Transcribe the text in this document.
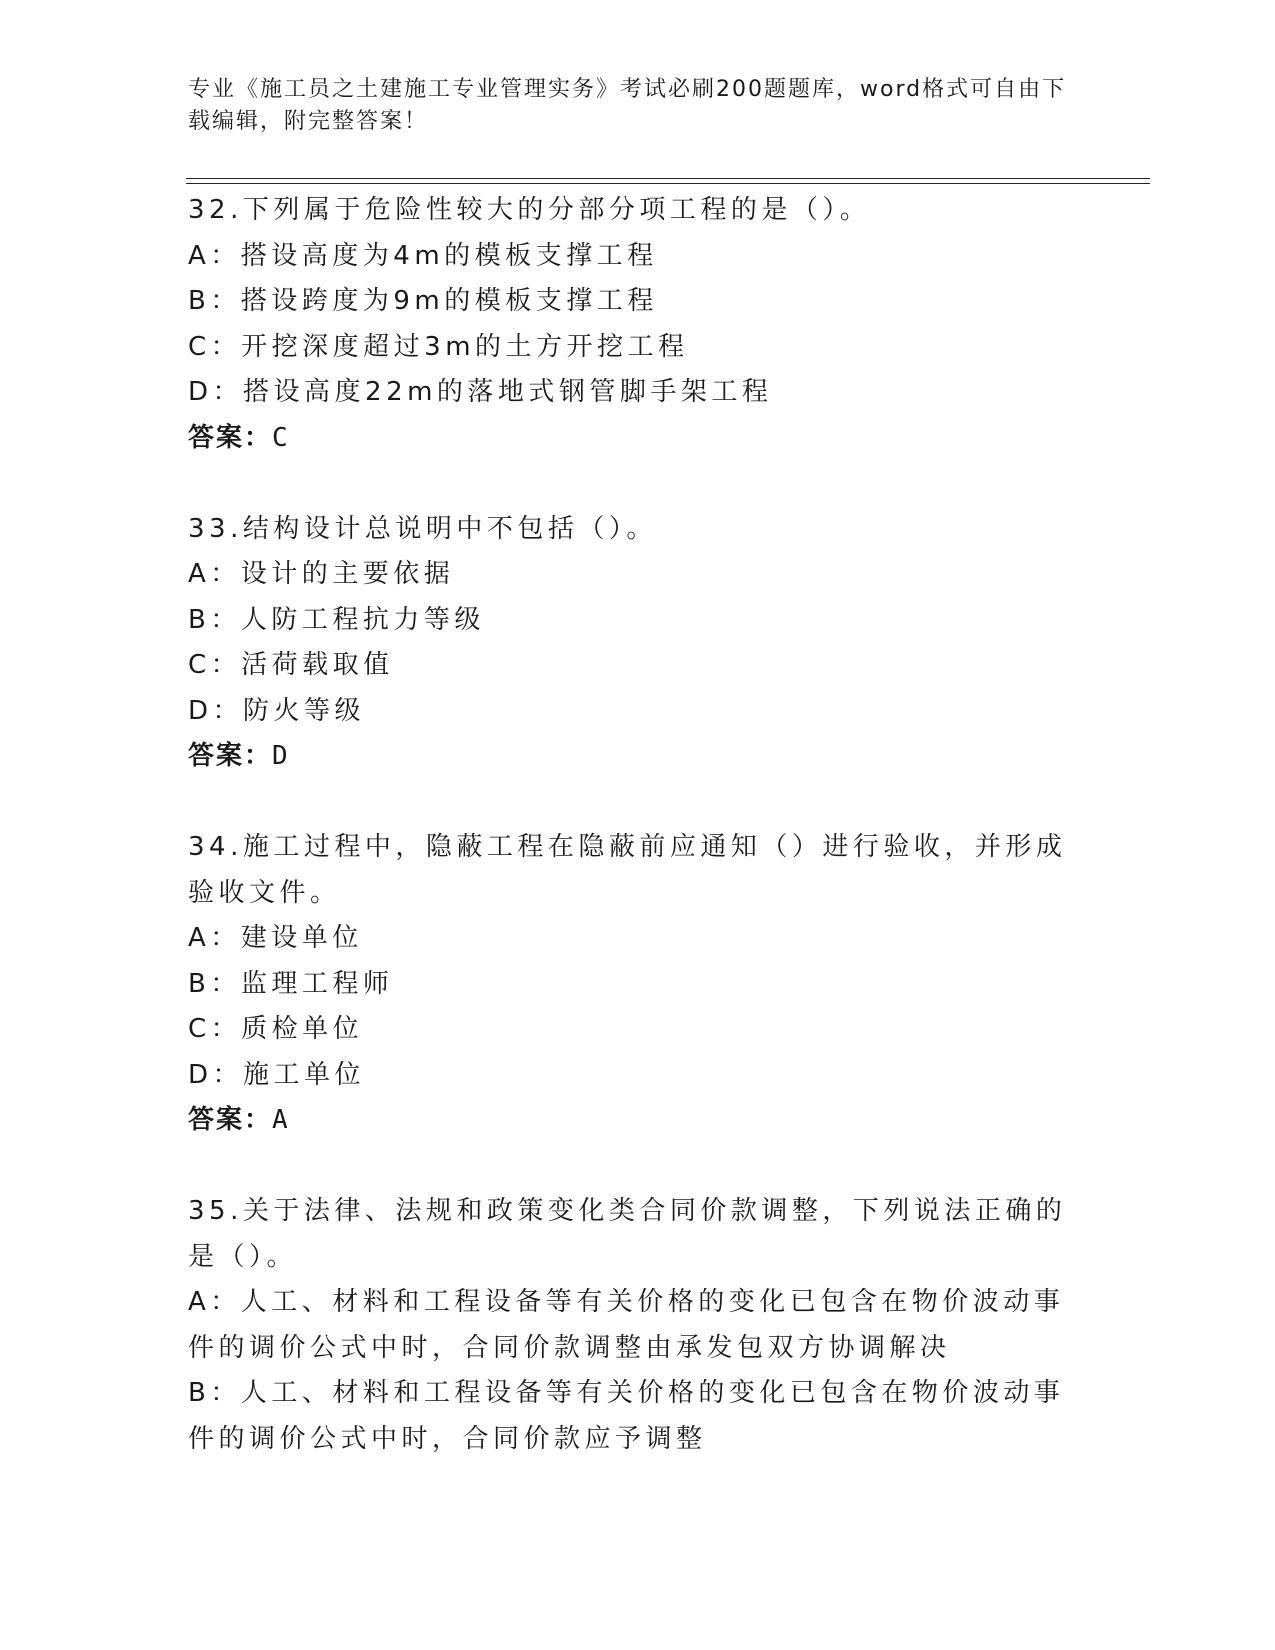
专业《施工员之土建施工专业管理实务》考试必刷200题题库，word格式可自由下载编辑，附完整答案！

32.下列属于危险性较大的分部分项工程的是（）。

A：搭设高度为4m的模板支撑工程

B：搭设跨度为9m的模板支撑工程

C：开挖深度超过3m的土方开挖工程

D：搭设高度22m的落地式钢管脚手架工程

答案：C

33.结构设计总说明中不包括（）。

A：设计的主要依据

B：人防工程抗力等级

C：活荷载取值

D：防火等级

答案：D

34.施工过程中，隐蔽工程在隐蔽前应通知（）进行验收，并形成验收文件。

A：建设单位

B：监理工程师

C：质检单位

D：施工单位

答案：A

35.关于法律、法规和政策变化类合同价款调整，下列说法正确的是（）。

A：人工、材料和工程设备等有关价格的变化已包含在物价波动事件的调价公式中时，合同价款调整由承发包双方协调解决

B：人工、材料和工程设备等有关价格的变化已包含在物价波动事件的调价公式中时，合同价款应予调整
